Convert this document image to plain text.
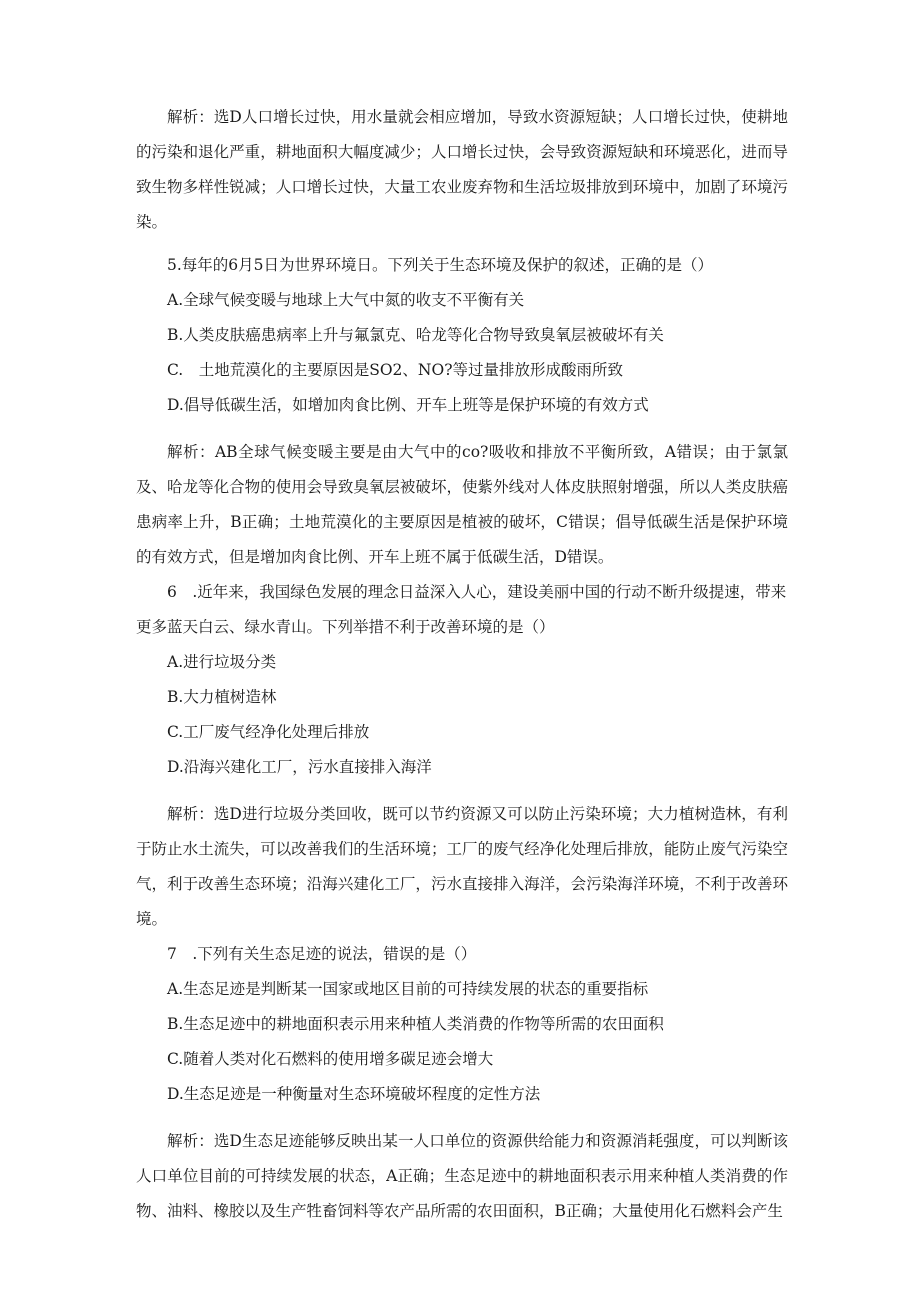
解析：选D人口增长过快，用水量就会相应增加，导致水资源短缺；人口增长过快，使耕地的污染和退化严重，耕地面积大幅度减少；人口增长过快，会导致资源短缺和环境恶化，进而导致生物多样性锐减；人口增长过快，大量工农业废弃物和生活垃圾排放到环境中，加剧了环境污染。

5.每年的6月5日为世界环境日。下列关于生态环境及保护的叙述，正确的是（）

A.全球气候变暖与地球上大气中氮的收支不平衡有关

B.人类皮肤癌患病率上升与氟氯克、哈龙等化合物导致臭氧层被破坏有关

C.　土地荒漠化的主要原因是SO2、NO?等过量排放形成酸雨所致

D.倡导低碳生活，如增加肉食比例、开车上班等是保护环境的有效方式

解析：AB全球气候变暖主要是由大气中的co?吸收和排放不平衡所致，A错误；由于氯氯及、哈龙等化合物的使用会导致臭氧层被破坏，使紫外线对人体皮肤照射增强，所以人类皮肤癌患病率上升，B正确；土地荒漠化的主要原因是植被的破坏，C错误；倡导低碳生活是保护环境的有效方式，但是增加肉食比例、开车上班不属于低碳生活，D错误。

6　.近年来，我国绿色发展的理念日益深入人心，建设美丽中国的行动不断升级提速，带来更多蓝天白云、绿水青山。下列举措不利于改善环境的是（）

A.进行垃圾分类

B.大力植树造林

C.工厂废气经净化处理后排放

D.沿海兴建化工厂，污水直接排入海洋

解析：选D进行垃圾分类回收，既可以节约资源又可以防止污染环境；大力植树造林，有利于防止水土流失，可以改善我们的生活环境；工厂的废气经净化处理后排放，能防止废气污染空气，利于改善生态环境；沿海兴建化工厂，污水直接排入海洋，会污染海洋环境，不利于改善环境。

7　.下列有关生态足迹的说法，错误的是（）

A.生态足迹是判断某一国家或地区目前的可持续发展的状态的重要指标

B.生态足迹中的耕地面积表示用来种植人类消费的作物等所需的农田面积

C.随着人类对化石燃料的使用增多碳足迹会增大

D.生态足迹是一种衡量对生态环境破坏程度的定性方法

解析：选D生态足迹能够反映出某一人口单位的资源供给能力和资源消耗强度，可以判断该人口单位目前的可持续发展的状态，A正确；生态足迹中的耕地面积表示用来种植人类消费的作物、油料、橡胶以及生产牲畜饲料等农产品所需的农田面积，B正确；大量使用化石燃料会产生
